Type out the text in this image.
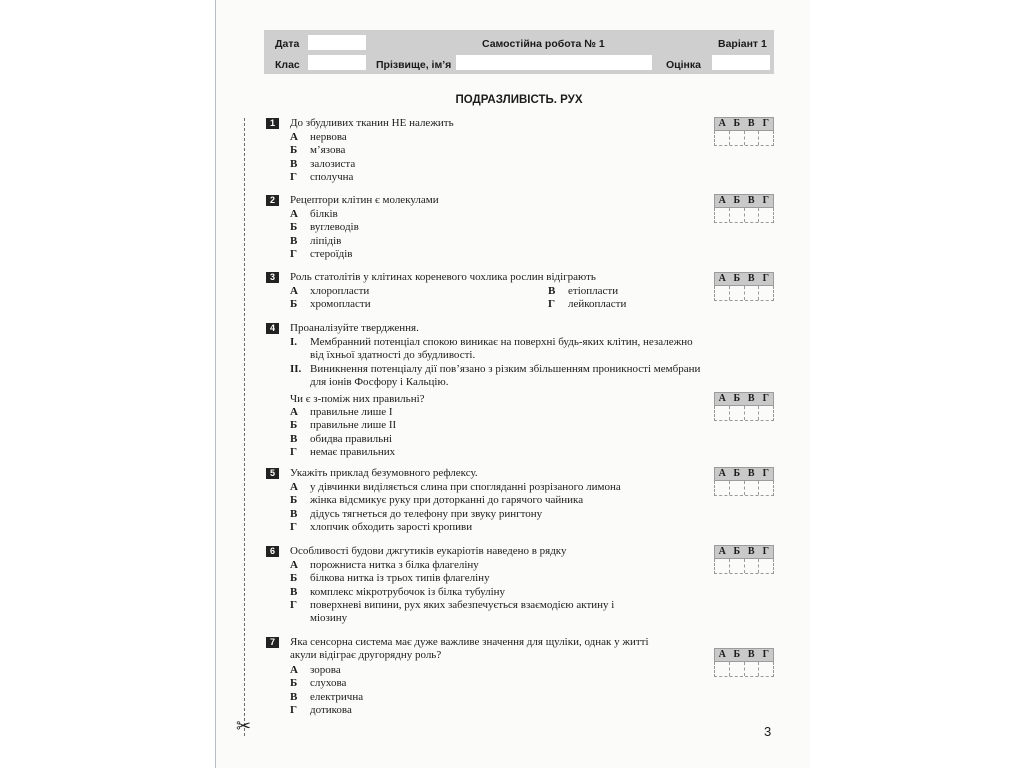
✂
Дата	Самостійна робота № 1	Варіант 1
Клас	Прізвище, ім’я	Оцінка
ПОДРАЗЛИВІСТЬ. РУХ
1	До збудливих тканин НЕ належить
А нервова
Б м’язова
В залозиста
Г сполучна
А Б В Г
2	Рецептори клітин є молекулами
А білків
Б вуглеводів
В ліпідів
Г стероїдів
А Б В Г
3	Роль статолітів у клітинах кореневого чохлика рослин відіграють
А хлоропласти	В етіопласти
Б хромопласти	Г лейкопласти
А Б В Г
4	Проаналізуйте твердження.
І. Мембранний потенціал спокою виникає на поверхні будь-яких клітин, незалежно
від їхньої здатності до збудливості.
ІІ. Виникнення потенціалу дії пов’язано з різким збільшенням проникності мембрани
для іонів Фосфору і Кальцію.
Чи є з-поміж них правильні?
А правильне лише І
Б правильне лише ІІ
В обидва правильні
Г немає правильних
А Б В Г
5	Укажіть приклад безумовного рефлексу.
А у дівчинки виділяється слина при спогляданні розрізаного лимона
Б жінка відсмикує руку при доторканні до гарячого чайника
В дідусь тягнеться до телефону при звуку рингтону
Г хлопчик обходить зарості кропиви
А Б В Г
6	Особливості будови джгутиків еукаріотів наведено в рядку
А порожниста нитка з білка флагеліну
Б білкова нитка із трьох типів флагеліну
В комплекс мікротрубочок із білка тубуліну
Г поверхневі випини, рух яких забезпечується взаємодією актину і
міозину
А Б В Г
7	Яка сенсорна система має дуже важливе значення для щуліки, однак у житті
акули відіграє другорядну роль?
А зорова
Б слухова
В електрична
Г дотикова
А Б В Г
3
